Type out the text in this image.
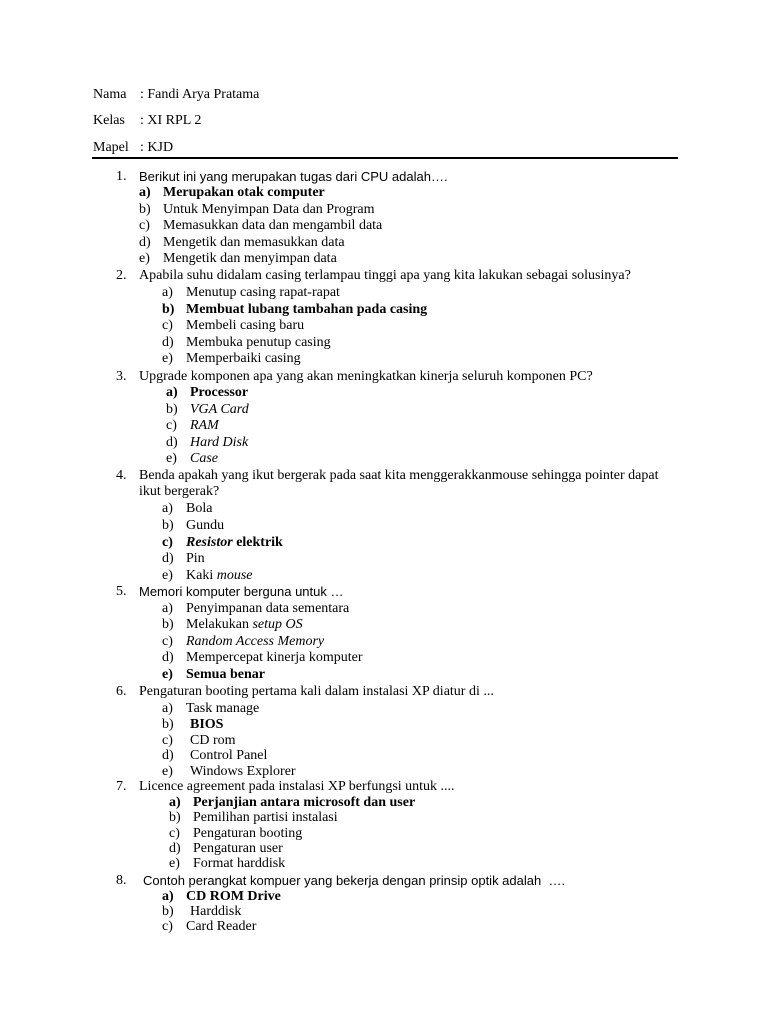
Nama : Fandi Arya Pratama
Kelas : XI RPL 2
Mapel : KJD
1. Berikut ini yang merupakan tugas dari CPU adalah….
a) Merupakan otak computer
b) Untuk Menyimpan Data dan Program
c) Memasukkan data dan mengambil data
d) Mengetik dan memasukkan data
e) Mengetik dan menyimpan data
2. Apabila suhu didalam casing terlampau tinggi apa yang kita lakukan sebagai solusinya?
a) Menutup casing rapat-rapat
b) Membuat lubang tambahan pada casing
c) Membeli casing baru
d) Membuka penutup casing
e) Memperbaiki casing
3. Upgrade komponen apa yang akan meningkatkan kinerja seluruh komponen PC?
a) Processor
b) VGA Card
c) RAM
d) Hard Disk
e) Case
4. Benda apakah yang ikut bergerak pada saat kita menggerakkanmouse sehingga pointer dapat
ikut bergerak?
a) Bola
b) Gundu
c) Resistor elektrik
d) Pin
e) Kaki mouse
5. Memori komputer berguna untuk …
a) Penyimpanan data sementara
b) Melakukan setup OS
c) Random Access Memory
d) Mempercepat kinerja komputer
e) Semua benar
6. Pengaturan booting pertama kali dalam instalasi XP diatur di ...
a) Task manage
b) BIOS
c) CD rom
d) Control Panel
e) Windows Explorer
7. Licence agreement pada instalasi XP berfungsi untuk ....
a) Perjanjian antara microsoft dan user
b) Pemilihan partisi instalasi
c) Pengaturan booting
d) Pengaturan user
e) Format harddisk
8. Contoh perangkat kompuer yang bekerja dengan prinsip optik adalah  ….
a) CD ROM Drive
b) Harddisk
c) Card Reader
